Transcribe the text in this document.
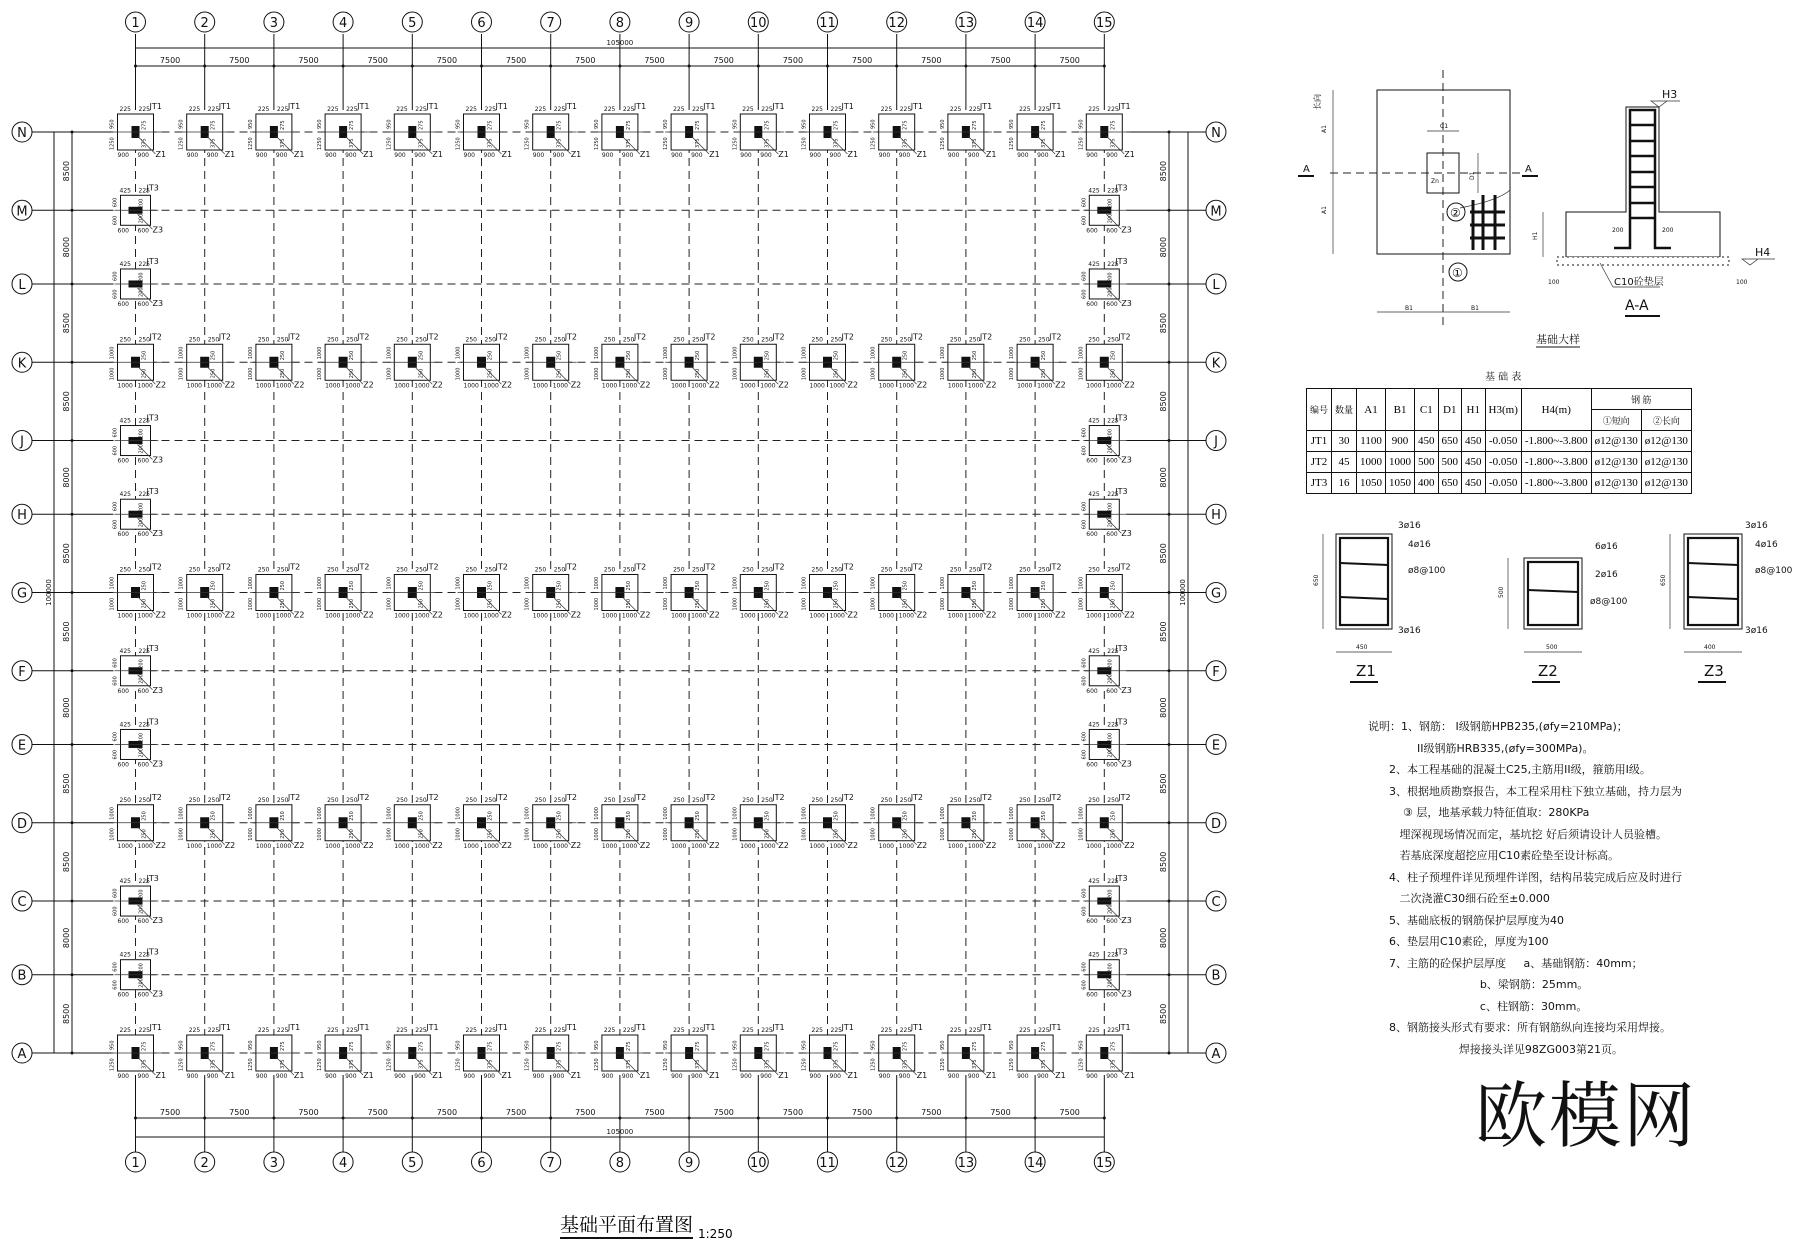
1
1
2
2
3
3
4
4
5
5
6
6
7
7
8
8
9
9
10
10
11
11
12
12
13
13
14
14
15
15
N	N
M	M
L	L
K	K
J	J
H	H
G	G
F	F
E	E
D	D
C	C
B	B
A	A
105000
7500	7500	7500	7500	7500	7500	7500	7500	7500	7500	7500	7500	7500	7500
105000
7500	7500	7500	7500	7500	7500	7500	7500	7500	7500	7500	7500	7500	7500
100000
8500
8000
8500
8500
8000
8500
8500
8000
8500
8500
8000
8500
100000
8500
8000
8500
8500
8000
8500
8500
8000
8500
8500
8000
8500
225 225 JT1
900 900
950
1250
275
375
Z1
225 225 JT1
900 900
950
1250
275
375
Z1
225 225 JT1
900 900
950
1250
275
375
Z1
225 225 JT1
900 900
950
1250
275
375
Z1
225 225 JT1
900 900
950
1250
275
375
Z1
225 225 JT1
900 900
950
1250
275
375
Z1
225 225 JT1
900 900
950
1250
275
375
Z1
225 225 JT1
900 900
950
1250
275
375
Z1
225 225 JT1
900 900
950
1250
275
375
Z1
225 225 JT1
900 900
950
1250
275
375
Z1
225 225 JT1
900 900
950
1250
275
375
Z1
225 225 JT1
900 900
950
1250
275
375
Z1
225 225 JT1
900 900
950
1250
275
375
Z1
225 225 JT1
900 900
950
1250
275
375
Z1
225 225 JT1
900 900
950
1250
275
375
Z1
425 225
JT3
600 600
600
600
200
200
Z3
425 225
JT3
600 600
600
600
200
200
Z3
425 225
JT3
600 600
600
600
200
200
Z3
425 225
JT3
600 600
600
600
200
200
Z3
250 250 JT2
1000 1000
1000
1000
250
250
Z2
250 250 JT2
1000 1000
1000
1000
250
250
Z2
250 250 JT2
1000 1000
1000
1000
250
250
Z2
250 250 JT2
1000 1000
1000
1000
250
250
Z2
250 250 JT2
1000 1000
1000
1000
250
250
Z2
250 250 JT2
1000 1000
1000
1000
250
250
Z2
250 250 JT2
1000 1000
1000
1000
250
250
Z2
250 250 JT2
1000 1000
1000
1000
250
250
Z2
250 250 JT2
1000 1000
1000
1000
250
250
Z2
250 250 JT2
1000 1000
1000
1000
250
250
Z2
250 250 JT2
1000 1000
1000
1000
250
250
Z2
250 250 JT2
1000 1000
1000
1000
250
250
Z2
250 250 JT2
1000 1000
1000
1000
250
250
Z2
250 250 JT2
1000 1000
1000
1000
250
250
Z2
250 250 JT2
1000 1000
1000
1000
250
250
Z2
425 225
JT3
600 600
600
600
200
200
Z3
425 225
JT3
600 600
600
600
200
200
Z3
425 225
JT3
600 600
600
600
200
200
Z3
425 225
JT3
600 600
600
600
200
200
Z3
250 250 JT2
1000 1000
1000
1000
250
250
Z2
250 250 JT2
1000 1000
1000
1000
250
250
Z2
250 250 JT2
1000 1000
1000
1000
250
250
Z2
250 250 JT2
1000 1000
1000
1000
250
250
Z2
250 250 JT2
1000 1000
1000
1000
250
250
Z2
250 250 JT2
1000 1000
1000
1000
250
250
Z2
250 250 JT2
1000 1000
1000
1000
250
250
Z2
250 250 JT2
1000 1000
1000
1000
250
250
Z2
250 250 JT2
1000 1000
1000
1000
250
250
Z2
250 250 JT2
1000 1000
1000
1000
250
250
Z2
250 250 JT2
1000 1000
1000
1000
250
250
Z2
250 250 JT2
1000 1000
1000
1000
250
250
Z2
250 250 JT2
1000 1000
1000
1000
250
250
Z2
250 250 JT2
1000 1000
1000
1000
250
250
Z2
250 250 JT2
1000 1000
1000
1000
250
250
Z2
425 225
JT3
600 600
600
600
200
200
Z3
425 225
JT3
600 600
600
600
200
200
Z3
425 225
JT3
600 600
600
600
200
200
Z3
425 225
JT3
600 600
600
600
200
200
Z3
250 250 JT2
1000 1000
1000
1000
250
250
Z2
250 250 JT2
1000 1000
1000
1000
250
250
Z2
250 250 JT2
1000 1000
1000
1000
250
250
Z2
250 250 JT2
1000 1000
1000
1000
250
250
Z2
250 250 JT2
1000 1000
1000
1000
250
250
Z2
250 250 JT2
1000 1000
1000
1000
250
250
Z2
250 250 JT2
1000 1000
1000
1000
250
250
Z2
250 250 JT2
1000 1000
1000
1000
250
250
Z2
250 250 JT2
1000 1000
1000
1000
250
250
Z2
250 250 JT2
1000 1000
1000
1000
250
250
Z2
250 250 JT2
1000 1000
1000
1000
250
250
Z2
250 250 JT2
1000 1000
1000
1000
250
250
Z2
250 250 JT2
1000 1000
1000
1000
250
250
Z2
250 250 JT2
1000 1000
1000
1000
250
250
Z2
250 250 JT2
1000 1000
1000
1000
250
250
Z2
425 225
JT3
600 600
600
600
200
200
Z3
425 225
JT3
600 600
600
600
200
200
Z3
425 225
JT3
600 600
600
600
200
200
Z3
425 225
JT3
600 600
600
600
200
200
Z3
225 225 JT1
900 900
950
1250
275
375
Z1
225 225 JT1
900 900
950
1250
275
375
Z1
225 225 JT1
900 900
950
1250
275
375
Z1
225 225 JT1
900 900
950
1250
275
375
Z1
225 225 JT1
900 900
950
1250
275
375
Z1
225 225 JT1
900 900
950
1250
275
375
Z1
225 225 JT1
900 900
950
1250
275
375
Z1
225 225 JT1
900 900
950
1250
275
375
Z1
225 225 JT1
900 900
950
1250
275
375
Z1
225 225 JT1
900 900
950
1250
275
375
Z1
225 225 JT1
900 900
950
1250
275
375
Z1
225 225 JT1
900 900
950
1250
275
375
Z1
225 225 JT1
900 900
950
1250
275
375
Z1
225 225 JT1
900 900
950
1250
275
375
Z1
225 225 JT1
900 900
950
1250
275
375
Z1
②
①
A	A
长向
A1
A1
B1	B1
C1
D1
Zn
H3
H4
H1
200	200
100	100
C10砼垫层
A-A
基础大样
基 础 表
3ø16
4ø16
ø8@100
3ø16
450
650
Z1
6ø16
2ø16
ø8@100
500
500
Z2
3ø16
4ø16
ø8@100
3ø16
400
650
Z3
编号	数量	A1	B1	C1	D1	H1	H3(m)	H4(m)	钢 筋	
									①短向	②长向
JT1	30	1100	900	450	650	450	-0.050	-1.800~-3.800	ø12@130	ø12@130
JT2	45	1000	1000	500	500	450	-0.050	-1.800~-3.800	ø12@130	ø12@130
JT3	16	1050	1050	400	650	450	-0.050	-1.800~-3.800	ø12@130	ø12@130
说明：1、钢筋： I级钢筋HPB235,(øfy=210MPa)；
II级钢筋HRB335,(øfy=300MPa)。
2、本工程基础的混凝土C25,主筋用II级，箍筋用I级。
3、根据地质勘察报告，本工程采用柱下独立基础，持力层为
③ 层，地基承载力特征值取：280KPa
埋深视现场情况而定，基坑挖 好后须请设计人员验槽。
若基底深度超挖应用C10素砼垫至设计标高。
4、柱子预埋件详见预埋件详图，结构吊装完成后应及时进行
二次浇灌C30细石砼至±0.000
5、基础底板的钢筋保护层厚度为40
6、垫层用C10素砼，厚度为100
7、主筋的砼保护层厚度     a、基础钢筋：40mm；
b、梁钢筋：25mm。
c、柱钢筋：30mm。
8、钢筋接头形式有要求：所有钢筋纵向连接均采用焊接。
焊接接头详见98ZG003第21页。
基础平面布置图 1:250
欧模网
